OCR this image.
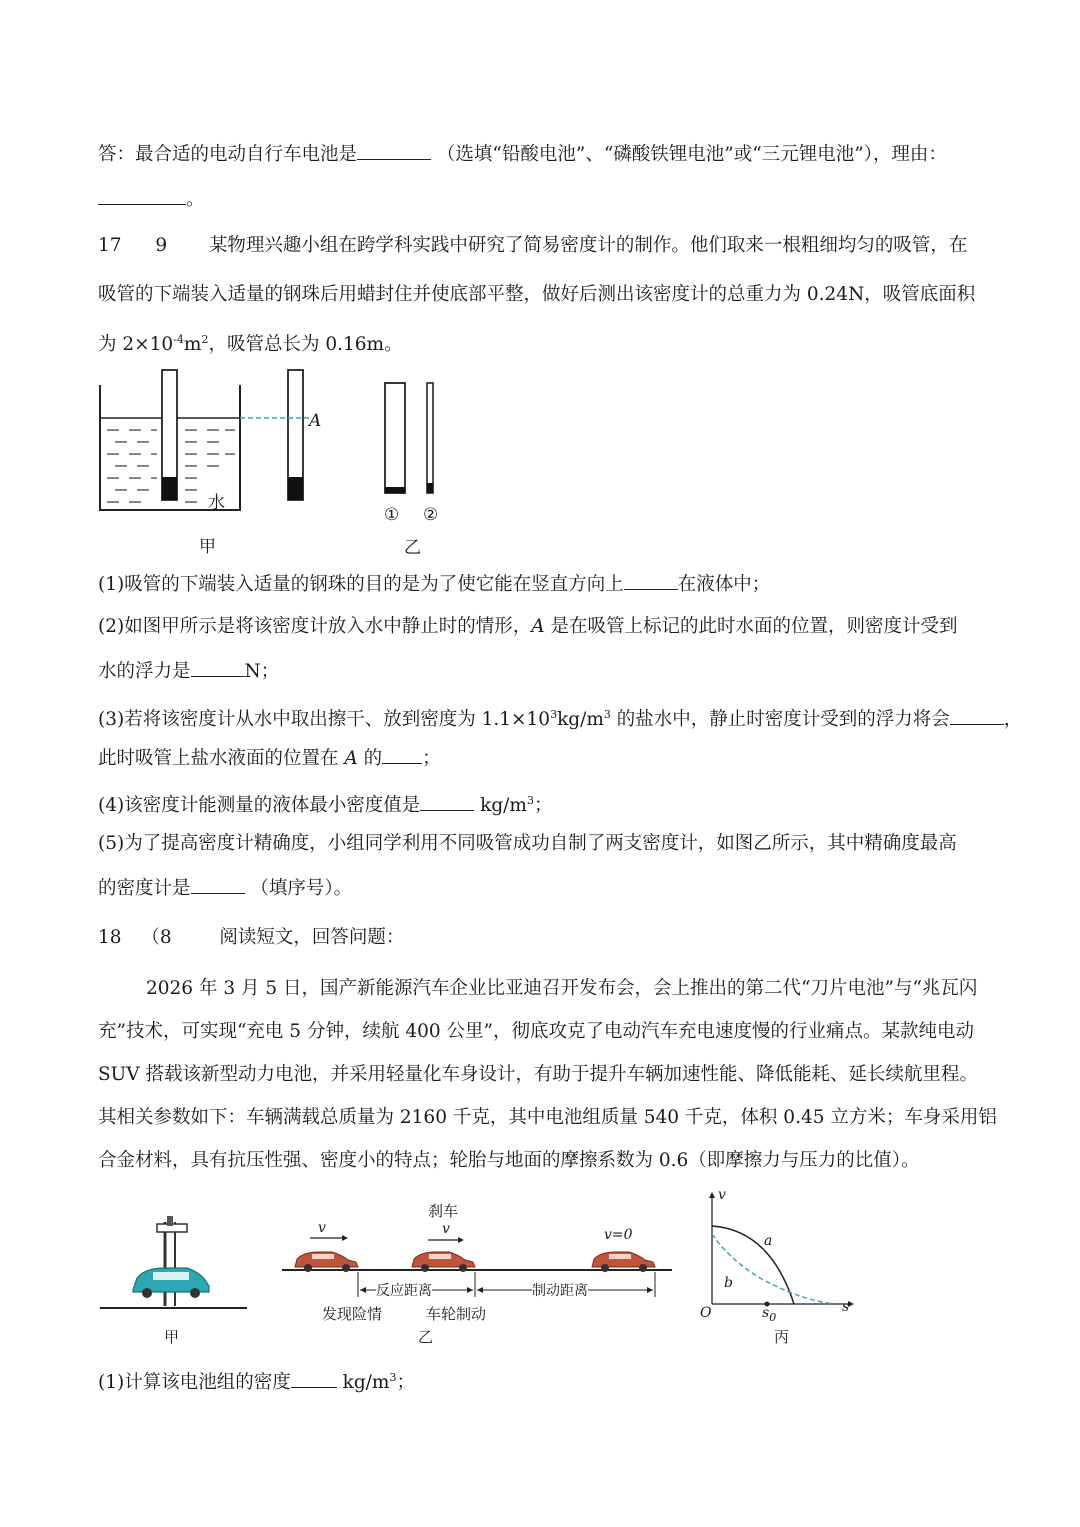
答：最合适的电动自行车电池是	（选填“铅酸电池”、“磷酸铁锂电池”或“三元锂电池”），理由：
。
17 9 某物理兴趣小组在跨学科实践中研究了简易密度计的制作。他们取来一根粗细均匀的吸管，在
吸管的下端装入适量的钢珠后用蜡封住并使底部平整，做好后测出该密度计的总重力为 0.24N，吸管底面积
为 $2\times 10^{-4}m^2$，吸管总长为 0.16m。
A
水
甲
① ②
乙
(1)吸管的下端装入适量的钢珠的目的是为了使它能在竖直方向上	在液体中；
(2)如图甲所示是将该密度计放入水中静止时的情形，A 是在吸管上标记的此时水面的位置，则密度计受到
水的浮力是	N；
(3)若将该密度计从水中取出擦干、放到密度为 $1.1\times 10^3kg/m^3$ 的盐水中，静止时密度计受到的浮力将会	，
此时吸管上盐水液面的位置在 A 的 ；
(4)该密度计能测量的液体最小密度值是	$kg/m^3$；
(5)为了提高密度计精确度，小组同学利用不同吸管成功自制了两支密度计，如图乙所示，其中精确度最高
的密度计是	（填序号）。
18 （8	阅读短文，回答问题：
2026 年 3 月 5 日，国产新能源汽车企业比亚迪召开发布会，会上推出的第二代“刀片电池”与“兆瓦闪
充”技术，可实现“充电 5 分钟，续航 400 公里”，彻底攻克了电动汽车充电速度慢的行业痛点。某款纯电动
SUV 搭载该新型动力电池，并采用轻量化车身设计，有助于提升车辆加速性能、降低能耗、延长续航里程。
其相关参数如下：车辆满载总质量为 2160 千克，其中电池组质量 540 千克，体积 0.45 立方米；车身采用铝
合金材料，具有抗压性强、密度小的特点；轮胎与地面的摩擦系数为 0.6（即摩擦力与压力的比值）。
甲
v
刹车
v	v=0
反应距离	制动距离
发现险情	车轮制动
乙
v
a
b
O	$s_0$
s
丙
(1)计算该电池组的密度	$kg/m^3$；
